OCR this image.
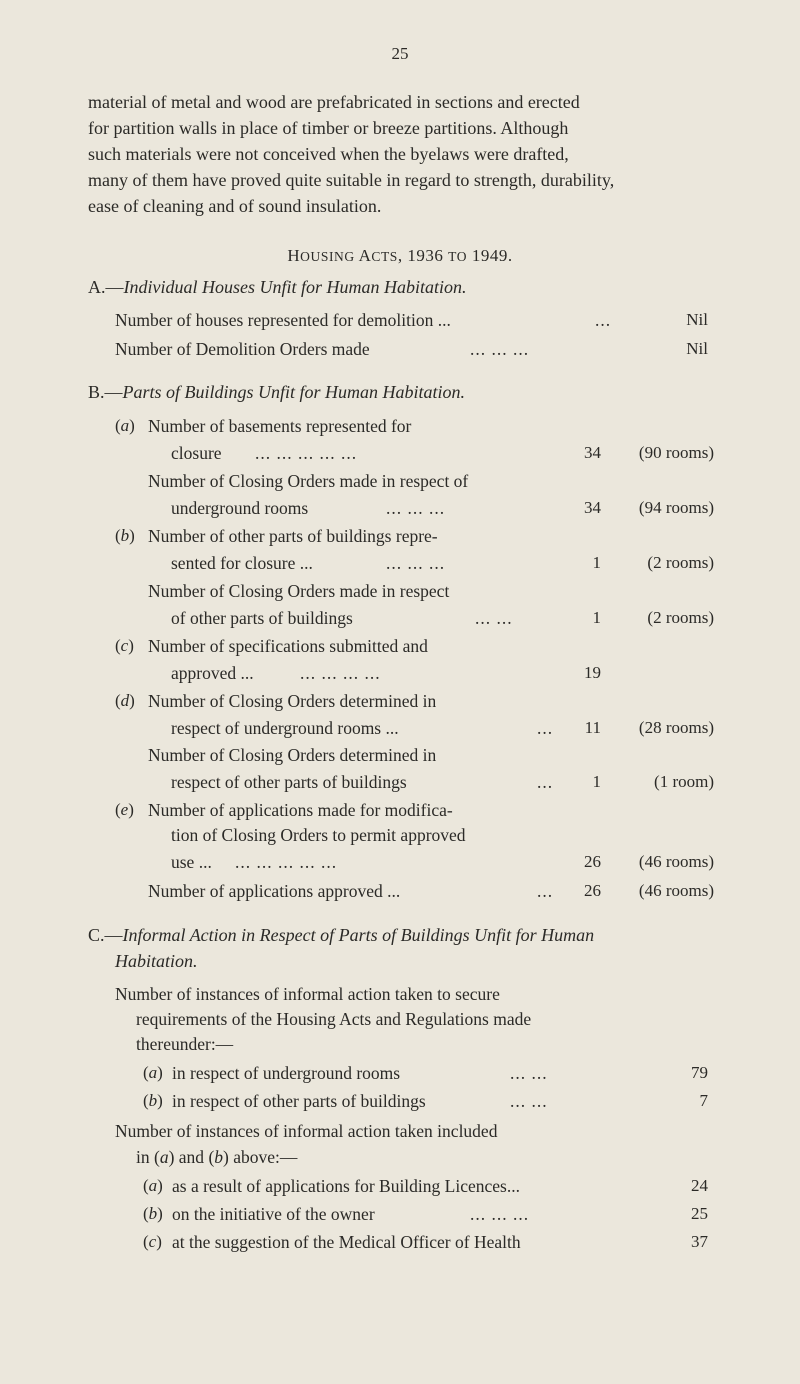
25

material of metal and wood are prefabricated in sections and erected

for partition walls in place of timber or breeze partitions. Although

such materials were not conceived when the byelaws were drafted,

many of them have proved quite suitable in regard to strength, durability,

ease of cleaning and of sound insulation.

HOUSING ACTS, 1936 TO 1949.
A.—Individual Houses Unfit for Human Habitation.
Number of houses represented for demolition ...	...	Nil
Number of Demolition Orders made	... ... ...	Nil
B.—Parts of Buildings Unfit for Human Habitation.
(a) Number of basements represented for
closure ... ... ... ... ...	34	(90 rooms)
Number of Closing Orders made in respect of
underground rooms	... ... ...	34	(94 rooms)
(b) Number of other parts of buildings repre-
sented for closure ...	... ... ...	1	(2 rooms)
Number of Closing Orders made in respect
of other parts of buildings	... ...	1	(2 rooms)
(c) Number of specifications submitted and
approved ...	... ... ... ...	19
(d) Number of Closing Orders determined in
respect of underground rooms ...	...	11	(28 rooms)
Number of Closing Orders determined in
respect of other parts of buildings	...	1	(1 room)
(e) Number of applications made for modifica-
tion of Closing Orders to permit approved
use ... ... ... ... ... ...	26	(46 rooms)
Number of applications approved ...	...	26	(46 rooms)
C.—Informal Action in Respect of Parts of Buildings Unfit for Human
Habitation.
Number of instances of informal action taken to secure
requirements of the Housing Acts and Regulations made
thereunder:—
(a) in respect of underground rooms	... ...	79
(b) in respect of other parts of buildings	... ...	7
Number of instances of informal action taken included
in (a) and (b) above:—
(a) as a result of applications for Building Licences...	24
(b) on the initiative of the owner	... ... ...	25
(c) at the suggestion of the Medical Officer of Health	37
